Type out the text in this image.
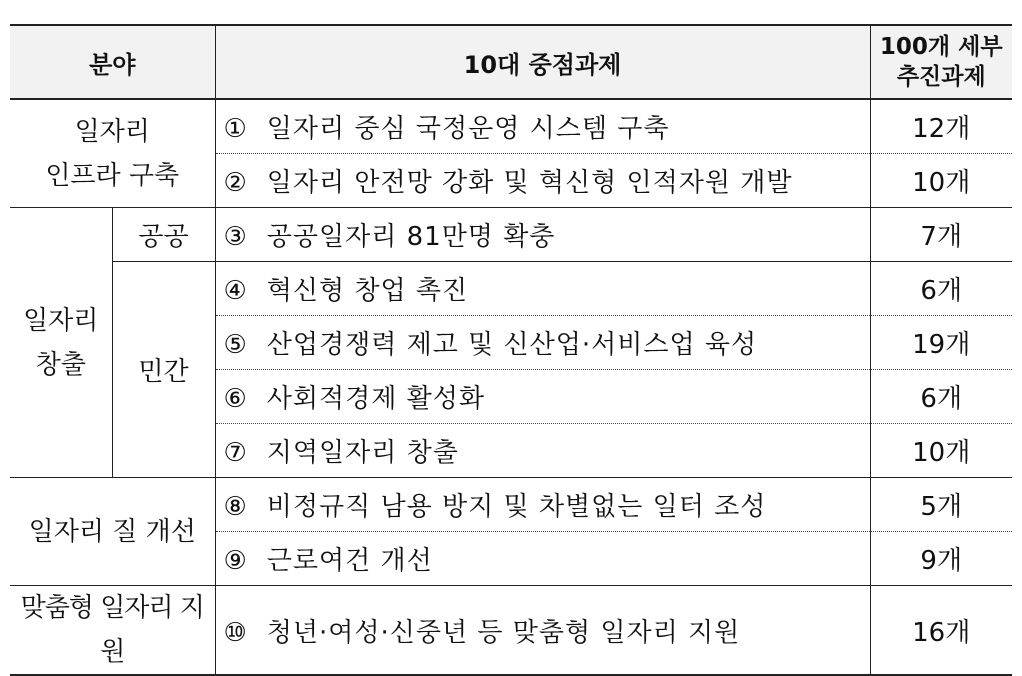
분야		10대 중점과제	100개 세부
추진과제

일자리
인프라 구축		① 일자리 중심 국정운영 시스템 구축	12개
		② 일자리 안전망 강화 및 혁신형 인적자원 개발	10개

일자리
창출	공공	③ 공공일자리 81만명 확충	7개
	민간	④ 혁신형 창업 촉진	6개
		⑤ 산업경쟁력 제고 및 신산업·서비스업 육성	19개
		⑥ 사회적경제 활성화	6개
		⑦ 지역일자리 창출	10개
일자리 질 개선		⑧ 비정규직 남용 방지 및 차별없는 일터 조성	5개
		⑨ 근로여건 개선	9개
맞춤형 일자리 지원		⑩ 청년·여성·신중년 등 맞춤형 일자리 지원	16개
